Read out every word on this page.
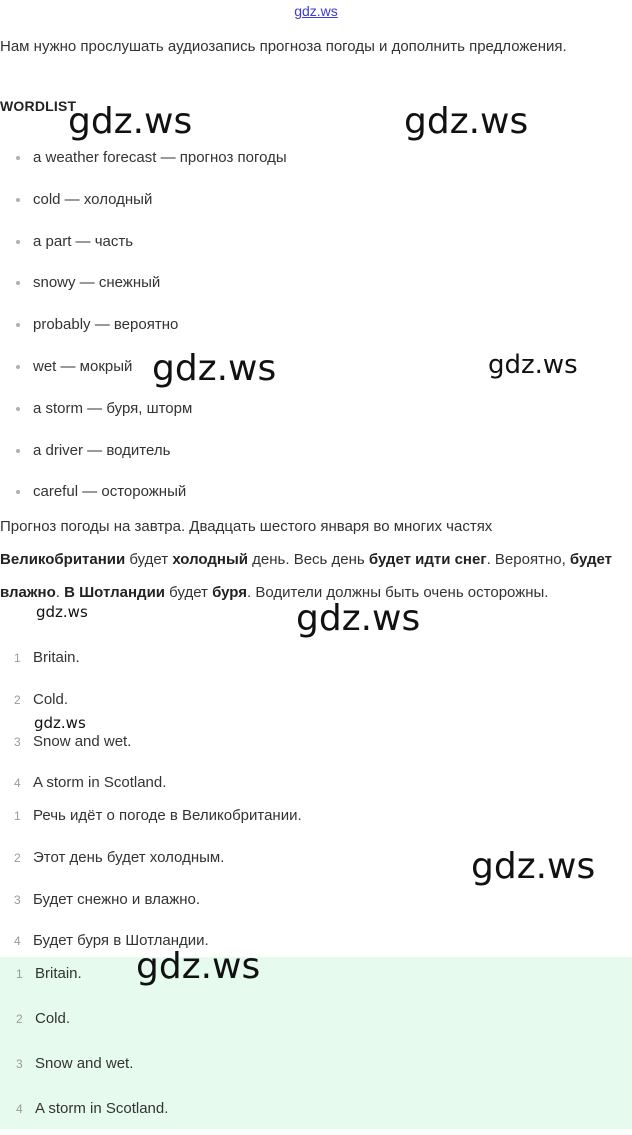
gdz.ws
Нам нужно прослушать аудиозапись прогноза погоды и дополнить предложения.
WORDLIST
a weather forecast — прогноз погоды
cold — холодный
a part — часть
snowy — снежный
probably — вероятно
wet — мокрый
a storm — буря, шторм
a driver — водитель
careful — осторожный
Прогноз погоды на завтра. Двадцать шестого января во многих частях Великобритании будет холодный день. Весь день будет идти снег. Вероятно, будет влажно. В Шотландии будет буря. Водители должны быть очень осторожны.
1 Britain.
2 Cold.
3 Snow and wet.
4 A storm in Scotland.
1 Речь идёт о погоде в Великобритании.
2 Этот день будет холодным.
3 Будет снежно и влажно.
4 Будет буря в Шотландии.
1 Britain.
2 Cold.
3 Snow and wet.
4 A storm in Scotland.
gdz.ws	gdz.ws
gdz.ws	gdz.ws
gdz.ws	gdz.ws
gdz.ws
gdz.ws
gdz.ws
